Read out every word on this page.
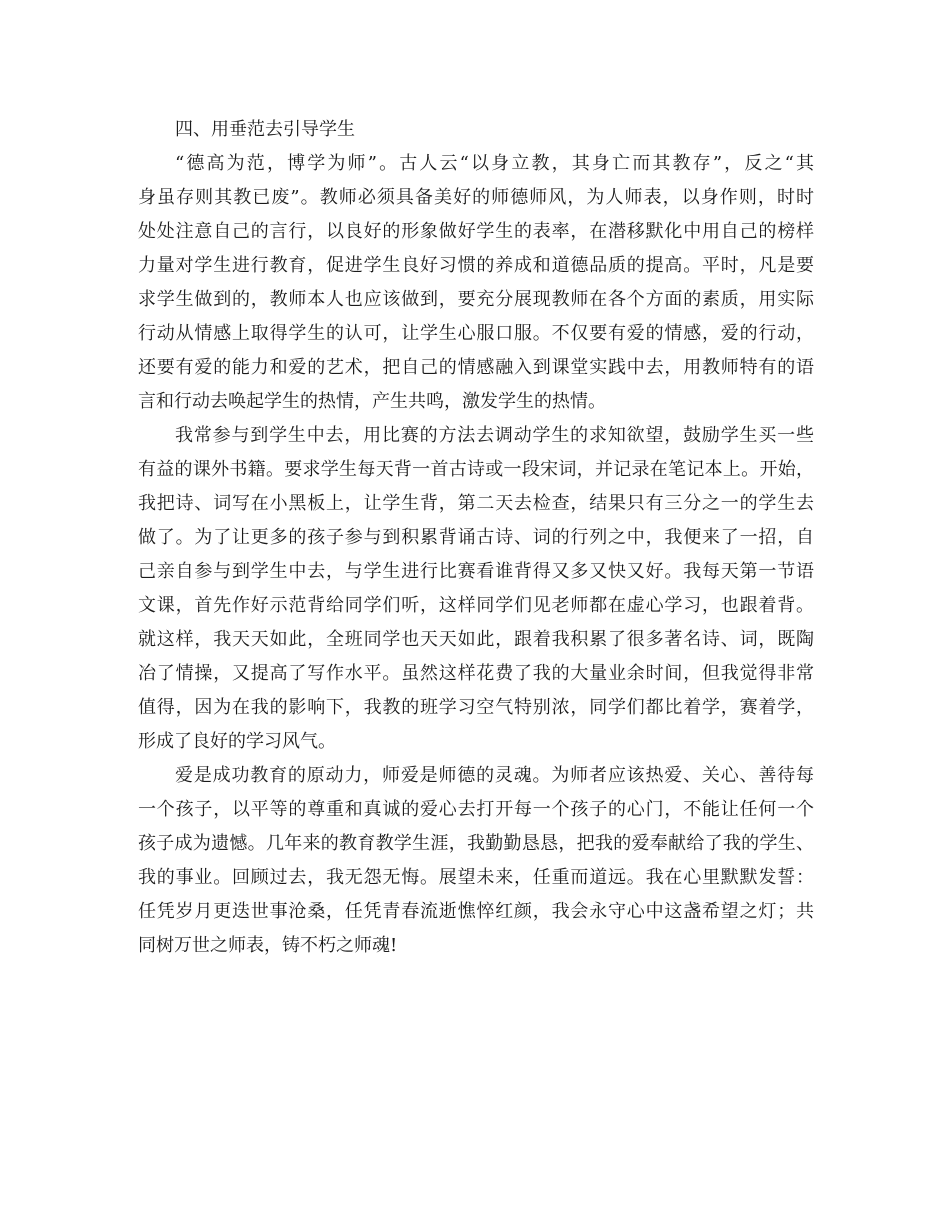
四、用垂范去引导学生
“德高为范，博学为师”。古人云“以身立教，其身亡而其教存”，反之“其
身虽存则其教已废”。教师必须具备美好的师德师风，为人师表，以身作则，时时
处处注意自己的言行，以良好的形象做好学生的表率，在潜移默化中用自己的榜样
力量对学生进行教育，促进学生良好习惯的养成和道德品质的提高。平时，凡是要
求学生做到的，教师本人也应该做到，要充分展现教师在各个方面的素质，用实际
行动从情感上取得学生的认可，让学生心服口服。不仅要有爱的情感，爱的行动，
还要有爱的能力和爱的艺术，把自己的情感融入到课堂实践中去，用教师特有的语
言和行动去唤起学生的热情，产生共鸣，激发学生的热情。
我常参与到学生中去，用比赛的方法去调动学生的求知欲望，鼓励学生买一些
有益的课外书籍。要求学生每天背一首古诗或一段宋词，并记录在笔记本上。开始，
我把诗、词写在小黑板上，让学生背，第二天去检查，结果只有三分之一的学生去
做了。为了让更多的孩子参与到积累背诵古诗、词的行列之中，我便来了一招，自
己亲自参与到学生中去，与学生进行比赛看谁背得又多又快又好。我每天第一节语
文课，首先作好示范背给同学们听，这样同学们见老师都在虚心学习，也跟着背。
就这样，我天天如此，全班同学也天天如此，跟着我积累了很多著名诗、词，既陶
冶了情操，又提高了写作水平。虽然这样花费了我的大量业余时间，但我觉得非常
值得，因为在我的影响下，我教的班学习空气特别浓，同学们都比着学，赛着学，
形成了良好的学习风气。
爱是成功教育的原动力，师爱是师德的灵魂。为师者应该热爱、关心、善待每
一个孩子，以平等的尊重和真诚的爱心去打开每一个孩子的心门，不能让任何一个
孩子成为遗憾。几年来的教育教学生涯，我勤勤恳恳，把我的爱奉献给了我的学生、
我的事业。回顾过去，我无怨无悔。展望未来，任重而道远。我在心里默默发誓：
任凭岁月更迭世事沧桑，任凭青春流逝憔悴红颜，我会永守心中这盏希望之灯；共
同树万世之师表，铸不朽之师魂!
